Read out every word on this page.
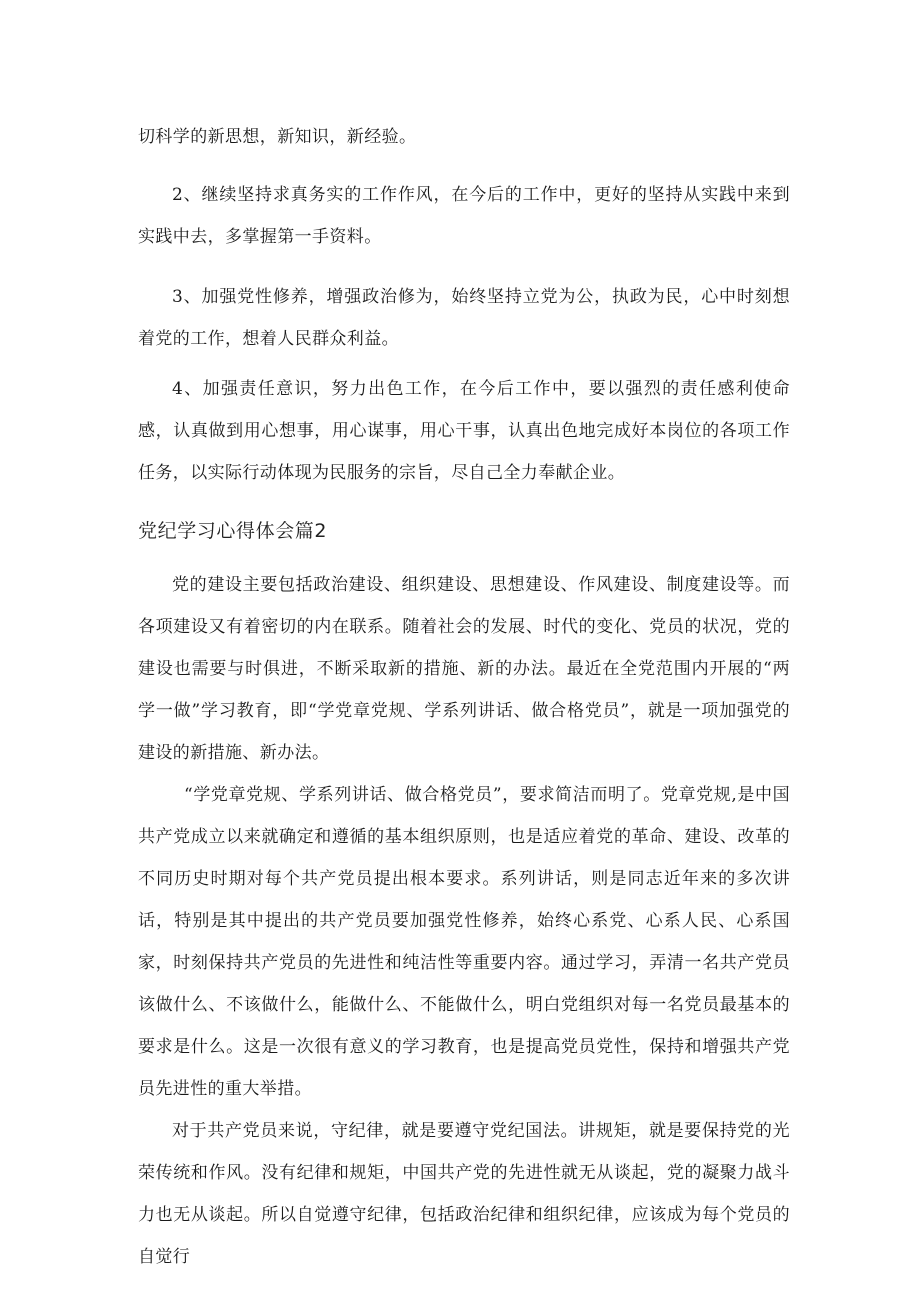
切科学的新思想，新知识，新经验。

2、继续坚持求真务实的工作作风，在今后的工作中，更好的坚持从实践中来到实践中去，多掌握第一手资料。

3、加强党性修养，增强政治修为，始终坚持立党为公，执政为民，心中时刻想着党的工作，想着人民群众利益。

4、加强责任意识，努力出色工作，在今后工作中，要以强烈的责任感利使命感，认真做到用心想事，用心谋事，用心干事，认真出色地完成好本岗位的各项工作任务，以实际行动体现为民服务的宗旨，尽自己全力奉献企业。

党纪学习心得体会篇2

党的建设主要包括政治建设、组织建设、思想建设、作风建设、制度建设等。而各项建设又有着密切的内在联系。随着社会的发展、时代的变化、党员的状况，党的建设也需要与时俱进，不断采取新的措施、新的办法。最近在全党范围内开展的“两学一做”学习教育，即“学党章党规、学系列讲话、做合格党员”，就是一项加强党的建设的新措施、新办法。

“学党章党规、学系列讲话、做合格党员”，要求简洁而明了。党章党规,是中国共产党成立以来就确定和遵循的基本组织原则，也是适应着党的革命、建设、改革的不同历史时期对每个共产党员提出根本要求。系列讲话，则是同志近年来的多次讲话，特别是其中提出的共产党员要加强党性修养，始终心系党、心系人民、心系国家，时刻保持共产党员的先进性和纯洁性等重要内容。通过学习，弄清一名共产党员该做什么、不该做什么，能做什么、不能做什么，明白党组织对每一名党员最基本的要求是什么。这是一次很有意义的学习教育，也是提高党员党性，保持和增强共产党员先进性的重大举措。

对于共产党员来说，守纪律，就是要遵守党纪国法。讲规矩，就是要保持党的光荣传统和作风。没有纪律和规矩，中国共产党的先进性就无从谈起，党的凝聚力战斗力也无从谈起。所以自觉遵守纪律，包括政治纪律和组织纪律，应该成为每个党员的自觉行
